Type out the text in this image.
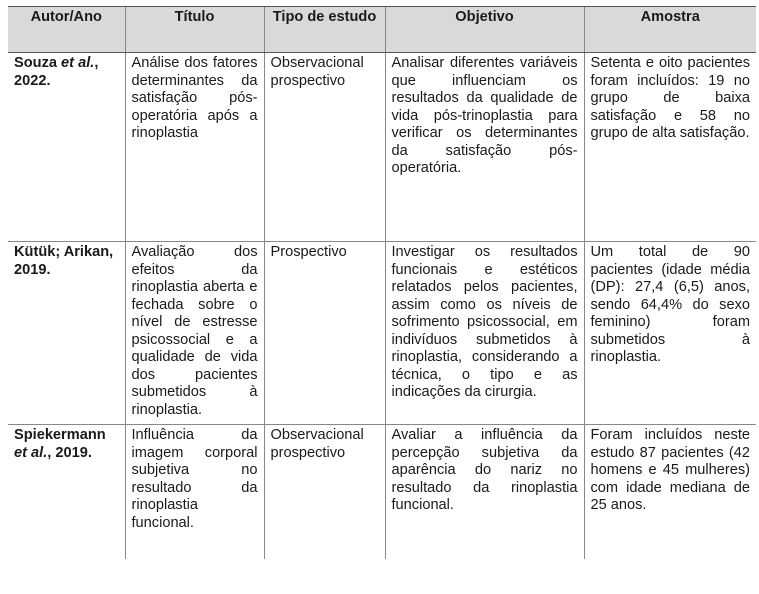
Autor/Ano	Título	Tipo de estudo	Objetivo	Amostra
Souza et al., 2022.	Análise dos fatores determinantes da satisfação pós-operatória após a rinoplastia	Observacional prospectivo	Analisar diferentes variáveis que influenciam os resultados da qualidade de vida pós-trinoplastia para verificar os determinantes da satisfação pós-operatória.	Setenta e oito pacientes foram incluídos: 19 no grupo de baixa satisfação e 58 no grupo de alta satisfação.
Kütük; Arikan, 2019.	Avaliação dos efeitos da rinoplastia aberta e fechada sobre o nível de estresse psicossocial e a qualidade de vida dos pacientes submetidos à rinoplastia.	Prospectivo	Investigar os resultados funcionais e estéticos relatados pelos pacientes, assim como os níveis de sofrimento psicossocial, em indivíduos submetidos à rinoplastia, considerando a técnica, o tipo e as indicações da cirurgia.	Um total de 90 pacientes (idade média (DP): 27,4 (6,5) anos, sendo 64,4% do sexo feminino) foram submetidos à rinoplastia.
Spiekermann et al., 2019.	Influência da imagem corporal subjetiva no resultado da rinoplastia funcional.	Observacional prospectivo	Avaliar a influência da percepção subjetiva da aparência do nariz no resultado da rinoplastia funcional.	Foram incluídos neste estudo 87 pacientes (42 homens e 45 mulheres) com idade mediana de 25 anos.
